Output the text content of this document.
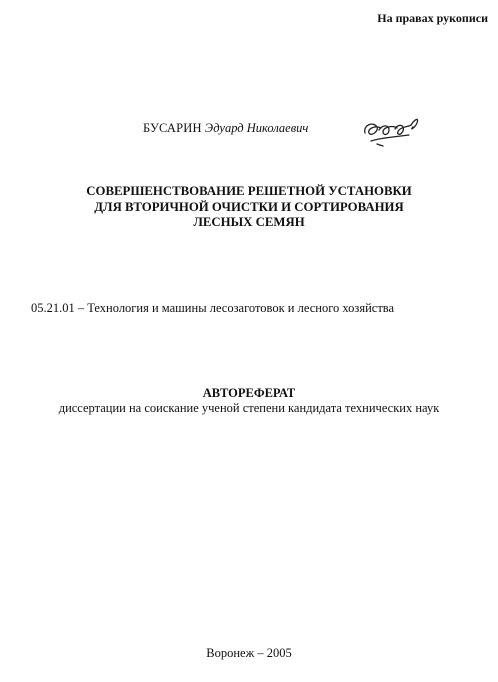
На правах рукописи
БУСАРИН Эдуард Николаевич
СОВЕРШЕНСТВОВАНИЕ РЕШЕТНОЙ УСТАНОВКИ
ДЛЯ ВТОРИЧНОЙ ОЧИСТКИ И СОРТИРОВАНИЯ
ЛЕСНЫХ СЕМЯН
05.21.01 – Технология и машины лесозаготовок и лесного хозяйства
АВТОРЕФЕРАТ
диссертации на соискание ученой степени кандидата технических наук
Воронеж – 2005
